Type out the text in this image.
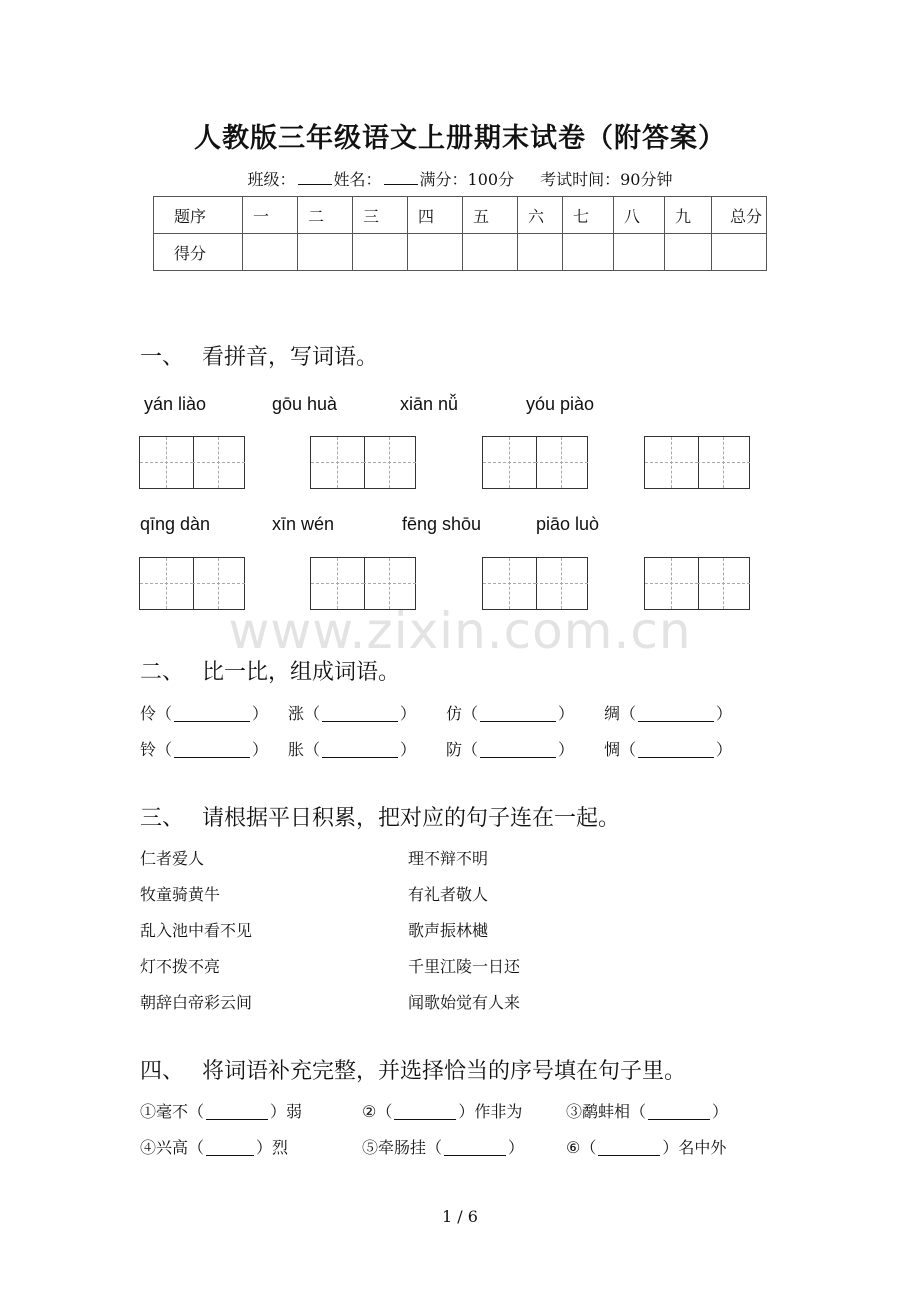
人教版三年级语文上册期末试卷（附答案）
班级： 姓名： 满分：100分 考试时间：90分钟
题序	一	二	三	四	五	六	七	八	九	总分
得分										
一、 看拼音，写词语。
yán liào	gōu huà	xiān nǚ	yóu piào
qīng dàn	xīn wén	fēng shōu	piāo luò
www.zixin.com.cn
二、 比一比，组成词语。
伶（	） 涨（	） 仿（	） 绸（	）
铃（	） 胀（	） 防（	） 惆（	）
三、 请根据平日积累，把对应的句子连在一起。
仁者爱人
牧童骑黄牛
乱入池中看不见
灯不拨不亮
朝辞白帝彩云间
理不辩不明
有礼者敬人
歌声振林樾
千里江陵一日还
闻歌始觉有人来
四、 将词语补充完整，并选择恰当的序号填在句子里。
①毫不（	）弱	②（	）作非为	③鹬蚌相（	）
④兴高（	）烈	⑤牵肠挂（	）	⑥（	）名中外
1 / 6
